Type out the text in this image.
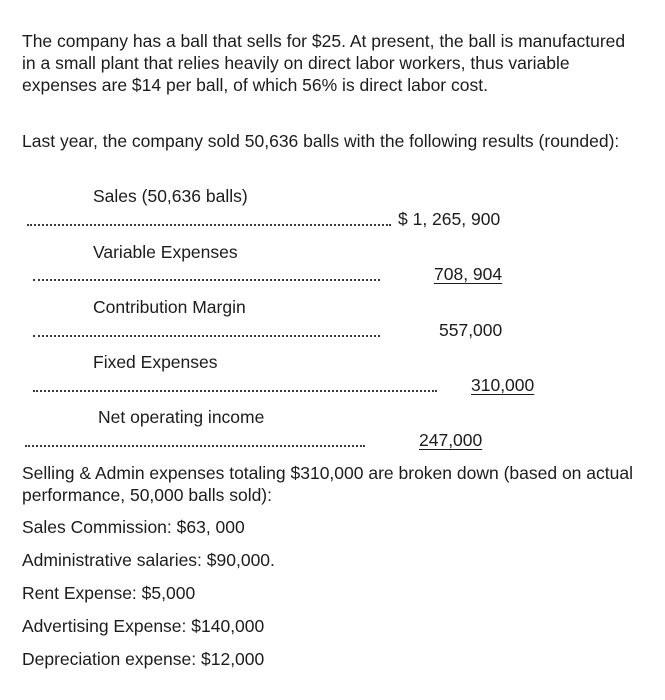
The company has a ball that sells for $25. At present, the ball is manufactured in a small plant that relies heavily on direct labor workers, thus variable expenses are $14 per ball, of which 56% is direct labor cost.

Last year, the company sold 50,636 balls with the following results (rounded):

Sales (50,636 balls)
$ 1, 265, 900
Variable Expenses
708, 904
Contribution Margin
557,000
Fixed Expenses
310,000
Net operating income
247,000

Selling & Admin expenses totaling $310,000 are broken down (based on actual performance, 50,000 balls sold):

Sales Commission: $63, 000
Administrative salaries: $90,000.
Rent Expense: $5,000
Advertising Expense: $140,000
Depreciation expense: $12,000
